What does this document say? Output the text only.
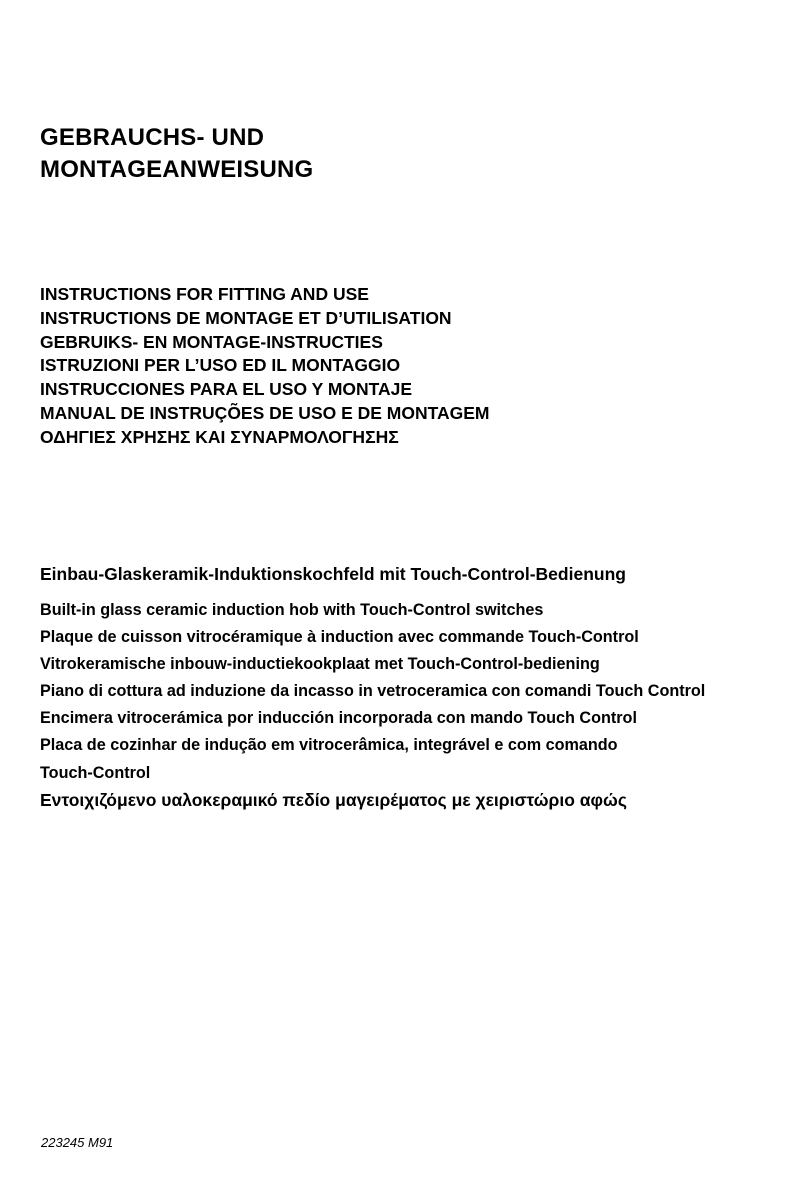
GEBRAUCHS- UND
MONTAGEANWEISUNG
INSTRUCTIONS FOR FITTING AND USE
INSTRUCTIONS DE MONTAGE ET D’UTILISATION
GEBRUIKS- EN MONTAGE-INSTRUCTIES
ISTRUZIONI PER L’USO ED IL MONTAGGIO
INSTRUCCIONES PARA EL USO Y MONTAJE
MANUAL DE INSTRUÇÕES DE USO E DE MONTAGEM
ΟΔΗΓΙΕΣ ΧΡΗΣΗΣ ΚΑΙ ΣΥΝΑΡΜΟΛΟΓΗΣΗΣ
Einbau-Glaskeramik-Induktionskochfeld mit Touch-Control-Bedienung
Built-in glass ceramic induction hob with Touch-Control switches
Plaque de cuisson vitrocéramique à induction avec commande Touch-Control
Vitrokeramische inbouw-inductiekookplaat met Touch-Control-bediening
Piano di cottura ad induzione da incasso in vetroceramica con comandi Touch Control
Encimera vitrocerámica por inducción incorporada con mando Touch Control
Placa de cozinhar de indução em vitrocerâmica, integrável e com comando
Touch-Control
Εντοιχιζόμενο υαλοκεραμικό πεδίο μαγειρέματος με χειριστώριο αφώς
223245 M91
